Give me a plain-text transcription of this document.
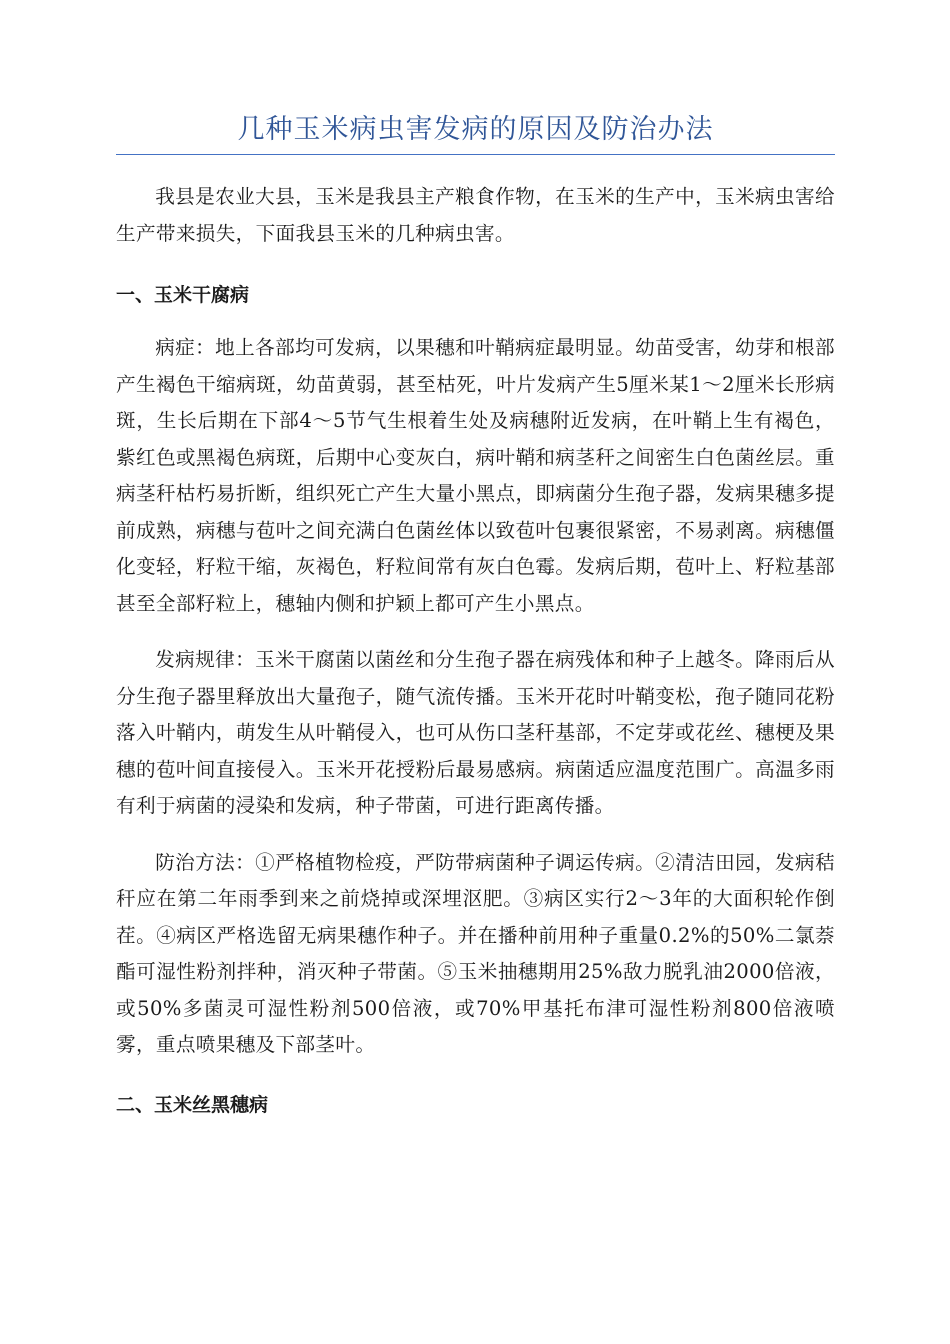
几种玉米病虫害发病的原因及防治办法

我县是农业大县，玉米是我县主产粮食作物，在玉米的生产中，玉米病虫害给生产带来损失，下面我县玉米的几种病虫害。

一、玉米干腐病

病症：地上各部均可发病，以果穗和叶鞘病症最明显。幼苗受害，幼芽和根部产生褐色干缩病斑，幼苗黄弱，甚至枯死，叶片发病产生5厘米某1～2厘米长形病斑，生长后期在下部4～5节气生根着生处及病穗附近发病，在叶鞘上生有褐色，紫红色或黑褐色病斑，后期中心变灰白，病叶鞘和病茎秆之间密生白色菌丝层。重病茎秆枯朽易折断，组织死亡产生大量小黑点，即病菌分生孢子器，发病果穗多提前成熟，病穗与苞叶之间充满白色菌丝体以致苞叶包裹很紧密，不易剥离。病穗僵化变轻，籽粒干缩，灰褐色，籽粒间常有灰白色霉。发病后期，苞叶上、籽粒基部甚至全部籽粒上，穗轴内侧和护颖上都可产生小黑点。

发病规律：玉米干腐菌以菌丝和分生孢子器在病残体和种子上越冬。降雨后从分生孢子器里释放出大量孢子，随气流传播。玉米开花时叶鞘变松，孢子随同花粉落入叶鞘内，萌发生从叶鞘侵入，也可从伤口茎秆基部，不定芽或花丝、穗梗及果穗的苞叶间直接侵入。玉米开花授粉后最易感病。病菌适应温度范围广。高温多雨有利于病菌的浸染和发病，种子带菌，可进行距离传播。

防治方法：①严格植物检疫，严防带病菌种子调运传病。②清洁田园，发病秸秆应在第二年雨季到来之前烧掉或深埋沤肥。③病区实行2～3年的大面积轮作倒茬。④病区严格选留无病果穗作种子。并在播种前用种子重量0.2%的50%二氯萘酯可湿性粉剂拌种，消灭种子带菌。⑤玉米抽穗期用25%敌力脱乳油2000倍液，或50%多菌灵可湿性粉剂500倍液，或70%甲基托布津可湿性粉剂800倍液喷雾，重点喷果穗及下部茎叶。

二、玉米丝黑穗病
